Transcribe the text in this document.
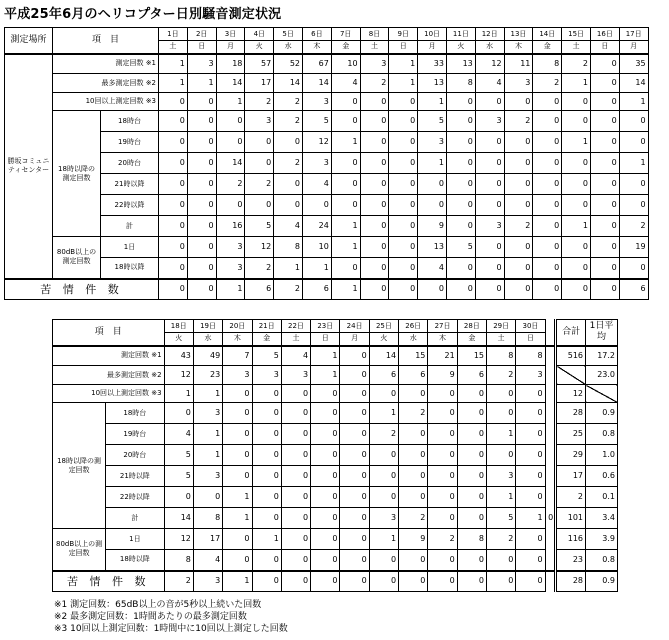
平成25年6月のヘリコプター日別騒音測定状況
測定場所	項　目		1日	2日	3日	4日	5日	6日	7日	8日	9日	10日	11日	12日	13日	14日	15日	16日	17日
			土	日	月	火	水	木	金	土	日	月	火	水	木	金	土	日	月
勝坂コミュニティセンター	測定回数 ※1		1	3	18	57	52	67	10	3	1	33	13	12	11	8	2	0	35
	最多測定回数 ※2		1	1	14	17	14	14	4	2	1	13	8	4	3	2	1	0	14
	10回以上測定回数 ※3		0	0	1	2	2	3	0	0	0	1	0	0	0	0	0	0	1
	18時以降の測定回数	18時台	0	0	0	3	2	5	0	0	0	5	0	3	2	0	0	0	0
		19時台	0	0	0	0	0	12	1	0	0	3	0	0	0	0	1	0	0
		20時台	0	0	14	0	2	3	0	0	0	1	0	0	0	0	0	0	1
		21時以降	0	0	2	2	0	4	0	0	0	0	0	0	0	0	0	0	0
		22時以降	0	0	0	0	0	0	0	0	0	0	0	0	0	0	0	0	0
		計	0	0	16	5	4	24	1	0	0	9	0	3	2	0	1	0	2
	80dB以上の測定回数	1日	0	0	3	12	8	10	1	0	0	13	5	0	0	0	0	0	19
		18時以降	0	0	3	2	1	1	0	0	0	4	0	0	0	0	0	0	0
苦 情 件 数			0	0	1	6	2	6	1	0	0	0	0	0	0	0	0	0	6
項　目		18日	19日	20日	21日	22日	23日	24日	25日	26日	27日	28日	29日	30日		合計	1日平均
		火	水	木	金	土	日	月	火	水	木	金	土	日			
測定回数 ※1		43	49	7	5	4	1	0	14	15	21	15	8	8		516	17.2
最多測定回数 ※2		12	23	3	3	3	1	0	6	6	9	6	2	3			23.0
10回以上測定回数 ※3		1	1	0	0	0	0	0	0	0	0	0	0	0		12	
18時以降の測定回数	18時台	0	3	0	0	0	0	0	1	2	0	0	0	0		28	0.9
	19時台	4	1	0	0	0	0	0	2	0	0	0	1	0		25	0.8
	20時台	5	1	0	0	0	0	0	0	0	0	0	0	0		29	1.0
	21時以降	5	3	0	0	0	0	0	0	0	0	0	3	0		17	0.6
	22時以降	0	0	1	0	0	0	0	0	0	0	0	1	0		2	0.1
	計	14	8	1	0	0	0	0	3	2	0	0	5	1	0	101	3.4
80dB以上の測定回数	1日	12	17	0	1	0	0	0	1	9	2	8	2	0		116	3.9
	18時以降	8	4	0	0	0	0	0	0	0	0	0	0	0		23	0.8
苦 情 件 数		2	3	1	0	0	0	0	0	0	0	0	0	0		28	0.9
※1 測定回数：65dB以上の音が5秒以上続いた回数
※2 最多測定回数：1時間あたりの最多測定回数
※3 10回以上測定回数：1時間中に10回以上測定した回数
